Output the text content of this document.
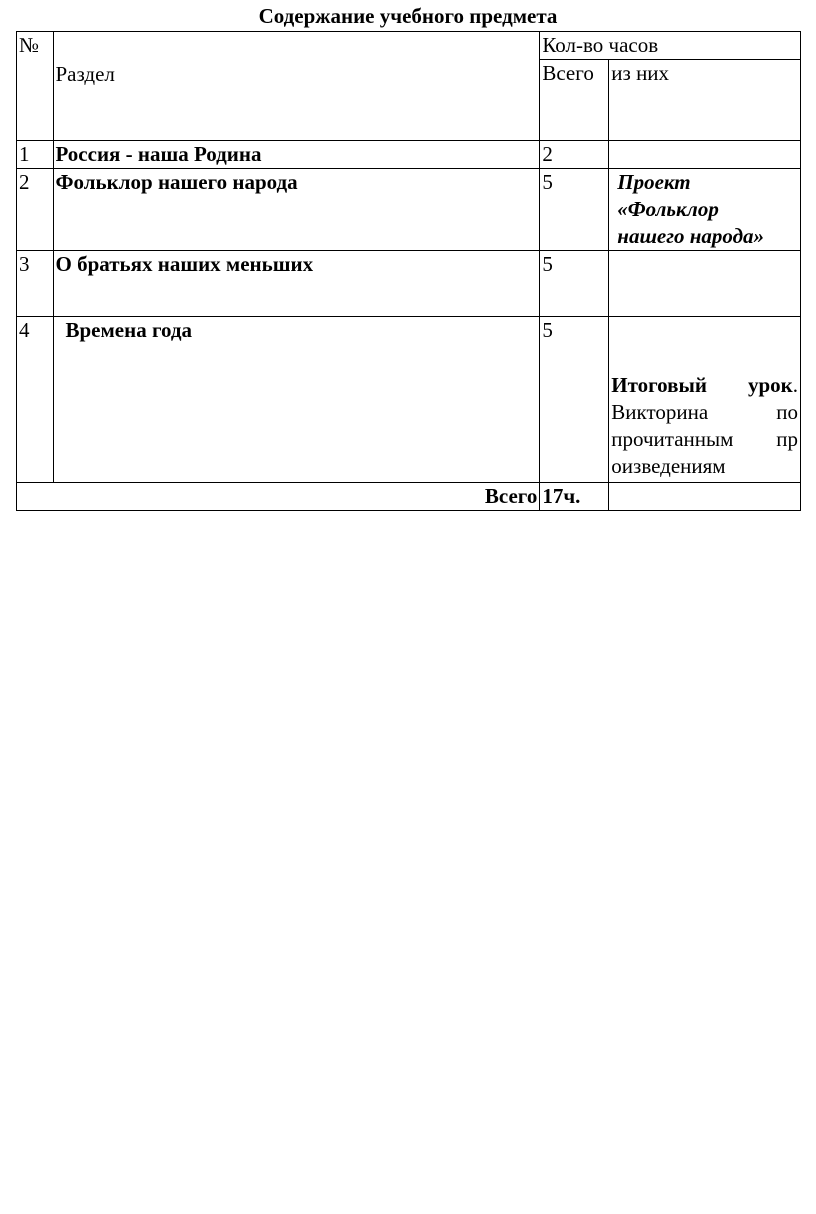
Содержание учебного предмета
№	Раздел	Кол-во часов	
		Всего	из них
1	Россия - наша Родина	2	
2	Фольклор нашего народа	5	Проект
«Фольклор
нашего народа»

3	О братьях наших меньших	5	
4	Времена года	5	Итоговый урок.
Викторина по
прочитанным пр
оизведениям

Всего		17ч.	
